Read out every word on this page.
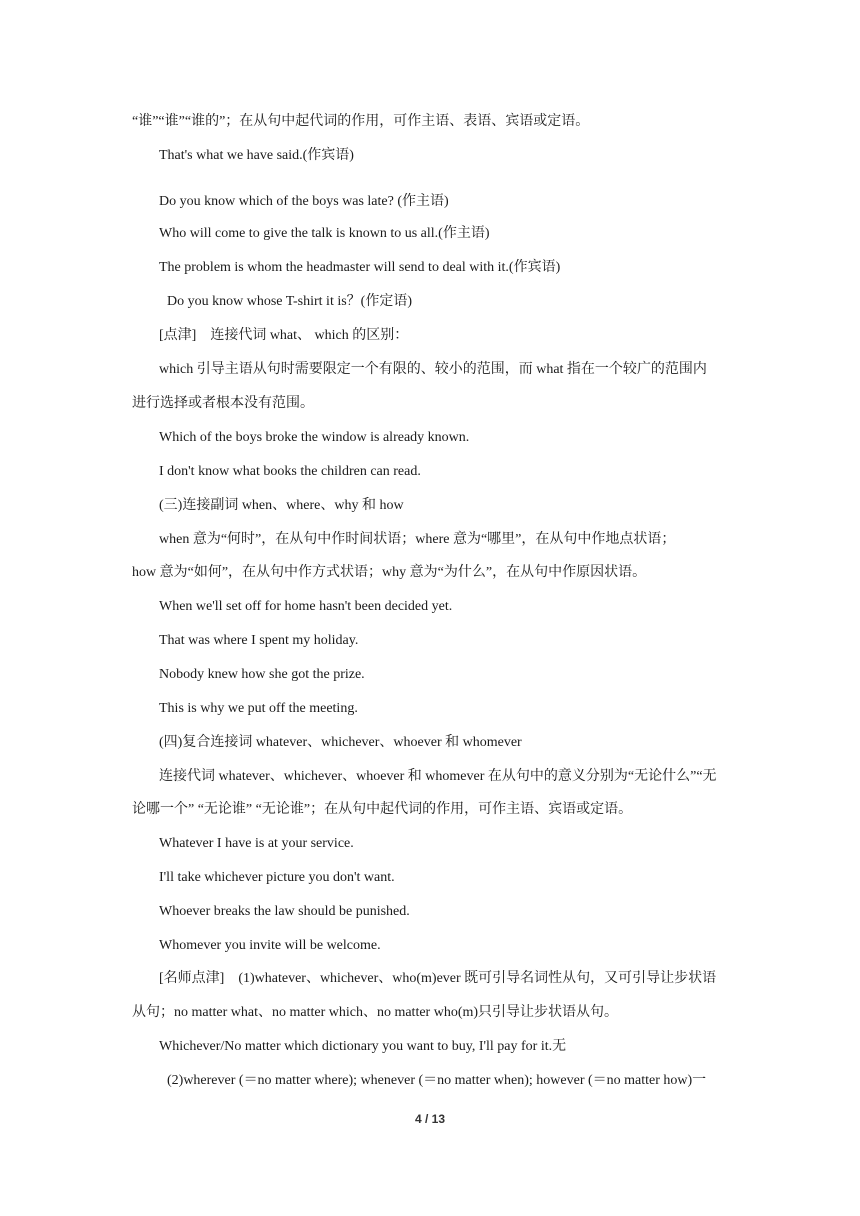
“谁”“谁”“谁的”；在从句中起代词的作用，可作主语、表语、宾语或定语。
That's what we have said.(作宾语)
Do you know which of the boys was late? (作主语)
Who will come to give the talk is known to us all.(作主语)
The problem is whom the headmaster will send to deal with it.(作宾语)
Do you know whose T-shirt it is？(作定语)
[点津]　连接代词 what、 which 的区别：
which 引导主语从句时需要限定一个有限的、较小的范围，而 what 指在一个较广的范围内
进行选择或者根本没有范围。
Which of the boys broke the window is already known.
I don't know what books the children can read.
(三)连接副词 when、where、why 和 how
when 意为“何时”，在从句中作时间状语；where 意为“哪里”，在从句中作地点状语；
how 意为“如何”，在从句中作方式状语；why 意为“为什么”，在从句中作原因状语。
When we'll set off for home hasn't been decided yet.
That was where I spent my holiday.
Nobody knew how she got the prize.
This is why we put off the meeting.
(四)复合连接词 whatever、whichever、whoever 和 whomever
连接代词 whatever、whichever、whoever 和 whomever 在从句中的意义分别为“无论什么”“无
论哪一个” “无论谁” “无论谁”；在从句中起代词的作用，可作主语、宾语或定语。
Whatever I have is at your service.
I'll take whichever picture you don't want.
Whoever breaks the law should be punished.
Whomever you invite will be welcome.
[名师点津]　(1)whatever、whichever、who(m)ever 既可引导名词性从句，又可引导让步状语
从句；no matter what、no matter which、no matter who(m)只引导让步状语从句。
Whichever/No matter which dictionary you want to buy, I'll pay for it.无
(2)wherever (＝no matter where); whenever (＝no matter when); however (＝no matter how)一
4 / 13
